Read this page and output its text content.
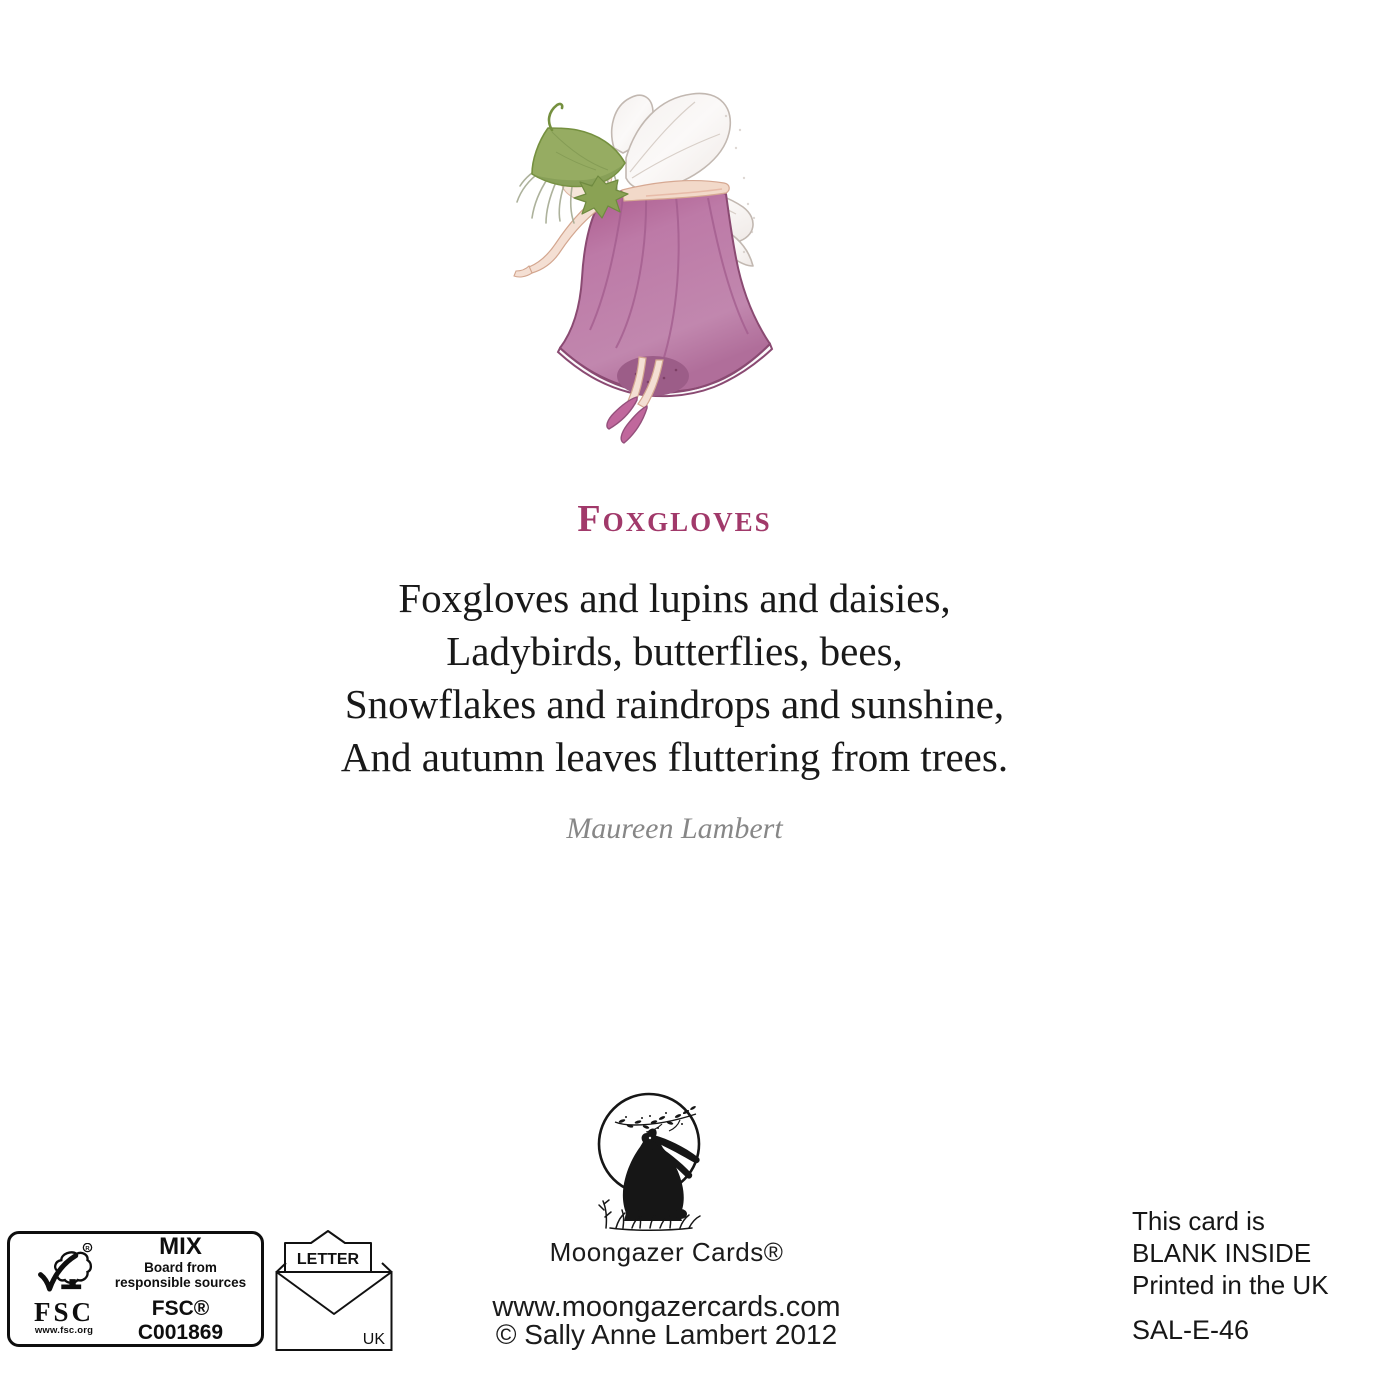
Foxgloves

Foxgloves and lupins and daisies,

Ladybirds, butterflies, bees,

Snowflakes and raindrops and sunshine,

And autumn leaves fluttering from trees.

Maureen Lambert
Moongazer Cards®
www.moongazercards.com
© Sally Anne Lambert 2012
R
FSC
www.fsc.org
MIX
Board from
responsible sources
FSC® C001869
LETTER
UK
This card is
BLANK INSIDE
Printed in the UK
SAL-E-46
